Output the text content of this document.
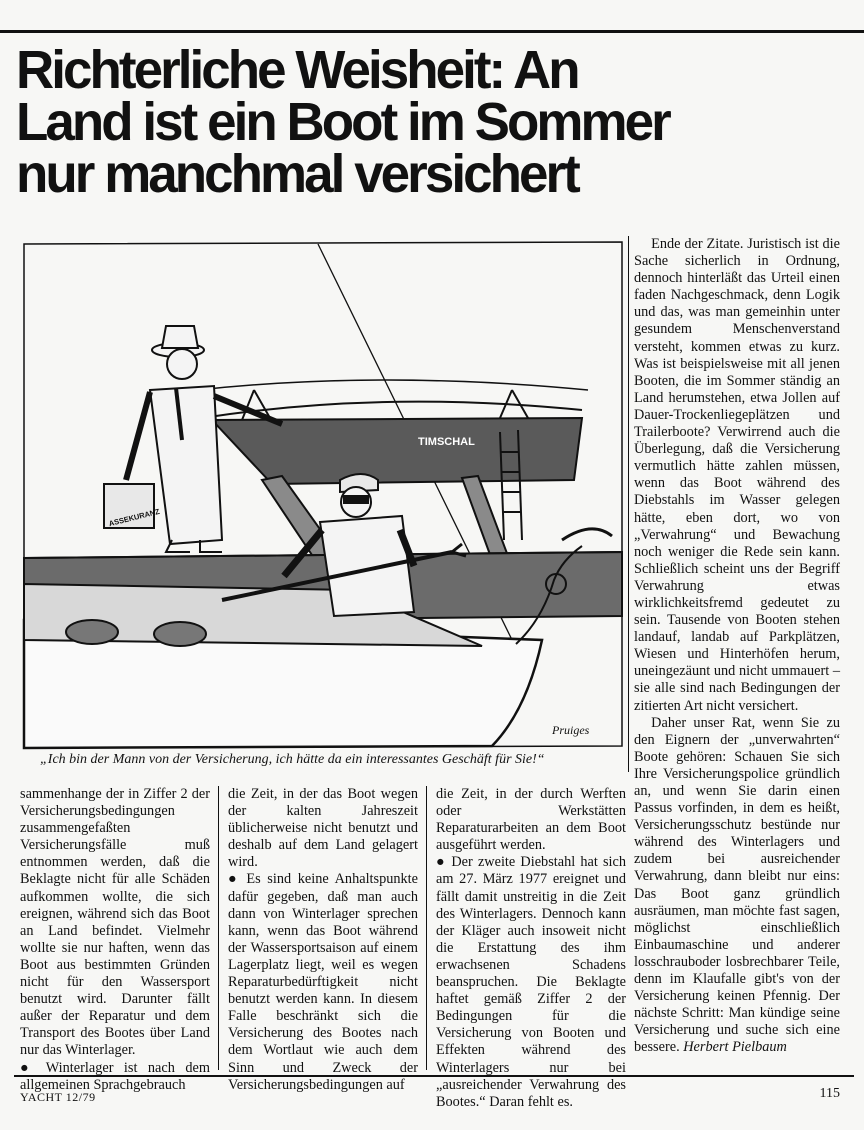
Richterliche Weisheit: An
Land ist ein Boot im Sommer
nur manchmal versichert
TIMSCHAL
ASSEKURANZ
Pruiges
„Ich bin der Mann von der Versicherung, ich hätte da ein interessantes Geschäft für Sie!“

Ende der Zitate. Juristisch ist die Sache sicherlich in Ordnung, dennoch hinterläßt das Urteil einen faden Nachgeschmack, denn Logik und das, was man gemeinhin unter gesundem Menschenverstand versteht, kommen etwas zu kurz. Was ist beispielsweise mit all jenen Booten, die im Sommer ständig an Land herumstehen, etwa Jollen auf Dauer-Trockenliegeplätzen und Trailerboote? Verwirrend auch die Überlegung, daß die Versicherung vermutlich hätte zahlen müssen, wenn das Boot während des Diebstahls im Wasser gelegen hätte, eben dort, wo von „Verwahrung“ und Bewachung noch weniger die Rede sein kann. Schließlich scheint uns der Begriff Verwahrung etwas wirklichkeitsfremd gedeutet zu sein. Tausende von Booten stehen landauf, landab auf Parkplätzen, Wiesen und Hinterhöfen herum, uneingezäunt und nicht ummauert – sie alle sind nach Bedingungen der zitierten Art nicht versichert.

Daher unser Rat, wenn Sie zu den Eignern der „unverwahrten“ Boote gehören: Schauen Sie sich Ihre Versicherungspolice gründlich an, und wenn Sie darin einen Passus vorfinden, in dem es heißt, Versicherungsschutz bestünde nur während des Winterlagers und zudem bei ausreichender Verwahrung, dann bleibt nur eins: Das Boot ganz gründlich ausräumen, man möchte fast sagen, möglichst einschließlich Einbaumaschine und anderer losschrauboder losbrechbarer Teile, denn im Klaufalle gibt's von der Versicherung keinen Pfennig. Der nächste Schritt: Man kündige seine Versicherung und suche sich eine bessere. Herbert Pielbaum

sammenhange der in Ziffer 2 der Versicherungsbedingungen zusammengefaßten Versicherungsfälle muß entnommen werden, daß die Beklagte nicht für alle Schäden aufkommen wollte, die sich ereignen, während sich das Boot an Land befindet. Vielmehr wollte sie nur haften, wenn das Boot aus bestimmten Gründen nicht für den Wassersport benutzt wird. Darunter fällt außer der Reparatur und dem Transport des Bootes über Land nur das Winterlager.

● Winterlager ist nach dem allgemeinen Sprachgebrauch

die Zeit, in der das Boot wegen der kalten Jahreszeit üblicherweise nicht benutzt und deshalb auf dem Land gelagert wird.

● Es sind keine Anhaltspunkte dafür gegeben, daß man auch dann von Winterlager sprechen kann, wenn das Boot während der Wassersportsaison auf einem Lagerplatz liegt, weil es wegen Reparaturbedürftigkeit nicht benutzt werden kann. In diesem Falle beschränkt sich die Versicherung des Bootes nach dem Wortlaut wie auch dem Sinn und Zweck der Versicherungsbedingungen auf

die Zeit, in der durch Werften oder Werkstätten Reparaturarbeiten an dem Boot ausgeführt werden.

● Der zweite Diebstahl hat sich am 27. März 1977 ereignet und fällt damit unstreitig in die Zeit des Winterlagers. Dennoch kann der Kläger auch insoweit nicht die Erstattung des ihm erwachsenen Schadens beanspruchen. Die Beklagte haftet gemäß Ziffer 2 der Bedingungen für die Versicherung von Booten und Effekten während des Winterlagers nur bei „ausreichender Verwahrung des Bootes.“ Daran fehlt es.

YACHT 12/79	115
